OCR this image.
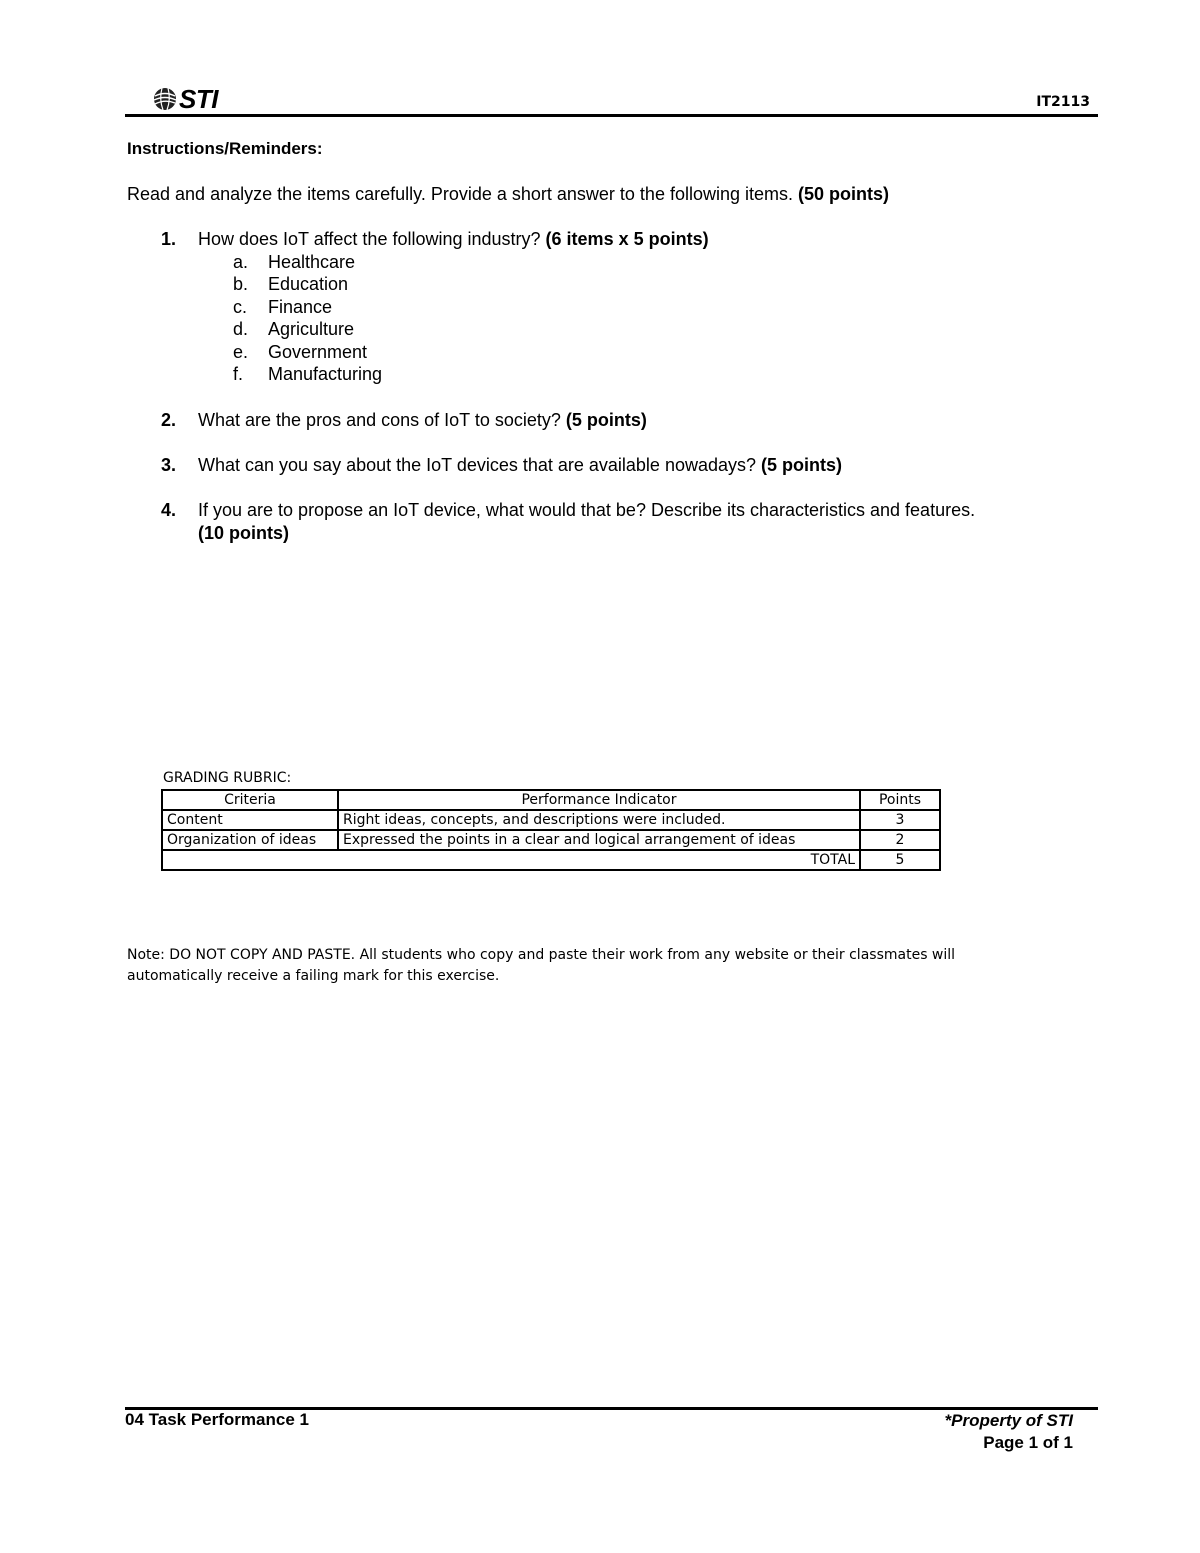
STI	IT2113
Instructions/Reminders:
Read and analyze the items carefully. Provide a short answer to the following items. (50 points)
1. How does IoT affect the following industry? (6 items x 5 points)
a. Healthcare
b. Education
c. Finance
d. Agriculture
e. Government
f. Manufacturing
2. What are the pros and cons of IoT to society? (5 points)
3. What can you say about the IoT devices that are available nowadays? (5 points)
4. If you are to propose an IoT device, what would that be? Describe its characteristics and features.
(10 points)
GRADING RUBRIC:
Criteria	Performance Indicator	Points
Content	Right ideas, concepts, and descriptions were included.	3
Organization of ideas	Expressed the points in a clear and logical arrangement of ideas	2
TOTAL		5
Note: DO NOT COPY AND PASTE. All students who copy and paste their work from any website or their classmates will automatically receive a failing mark for this exercise.
04 Task Performance 1	*Property of STI
Page 1 of 1
